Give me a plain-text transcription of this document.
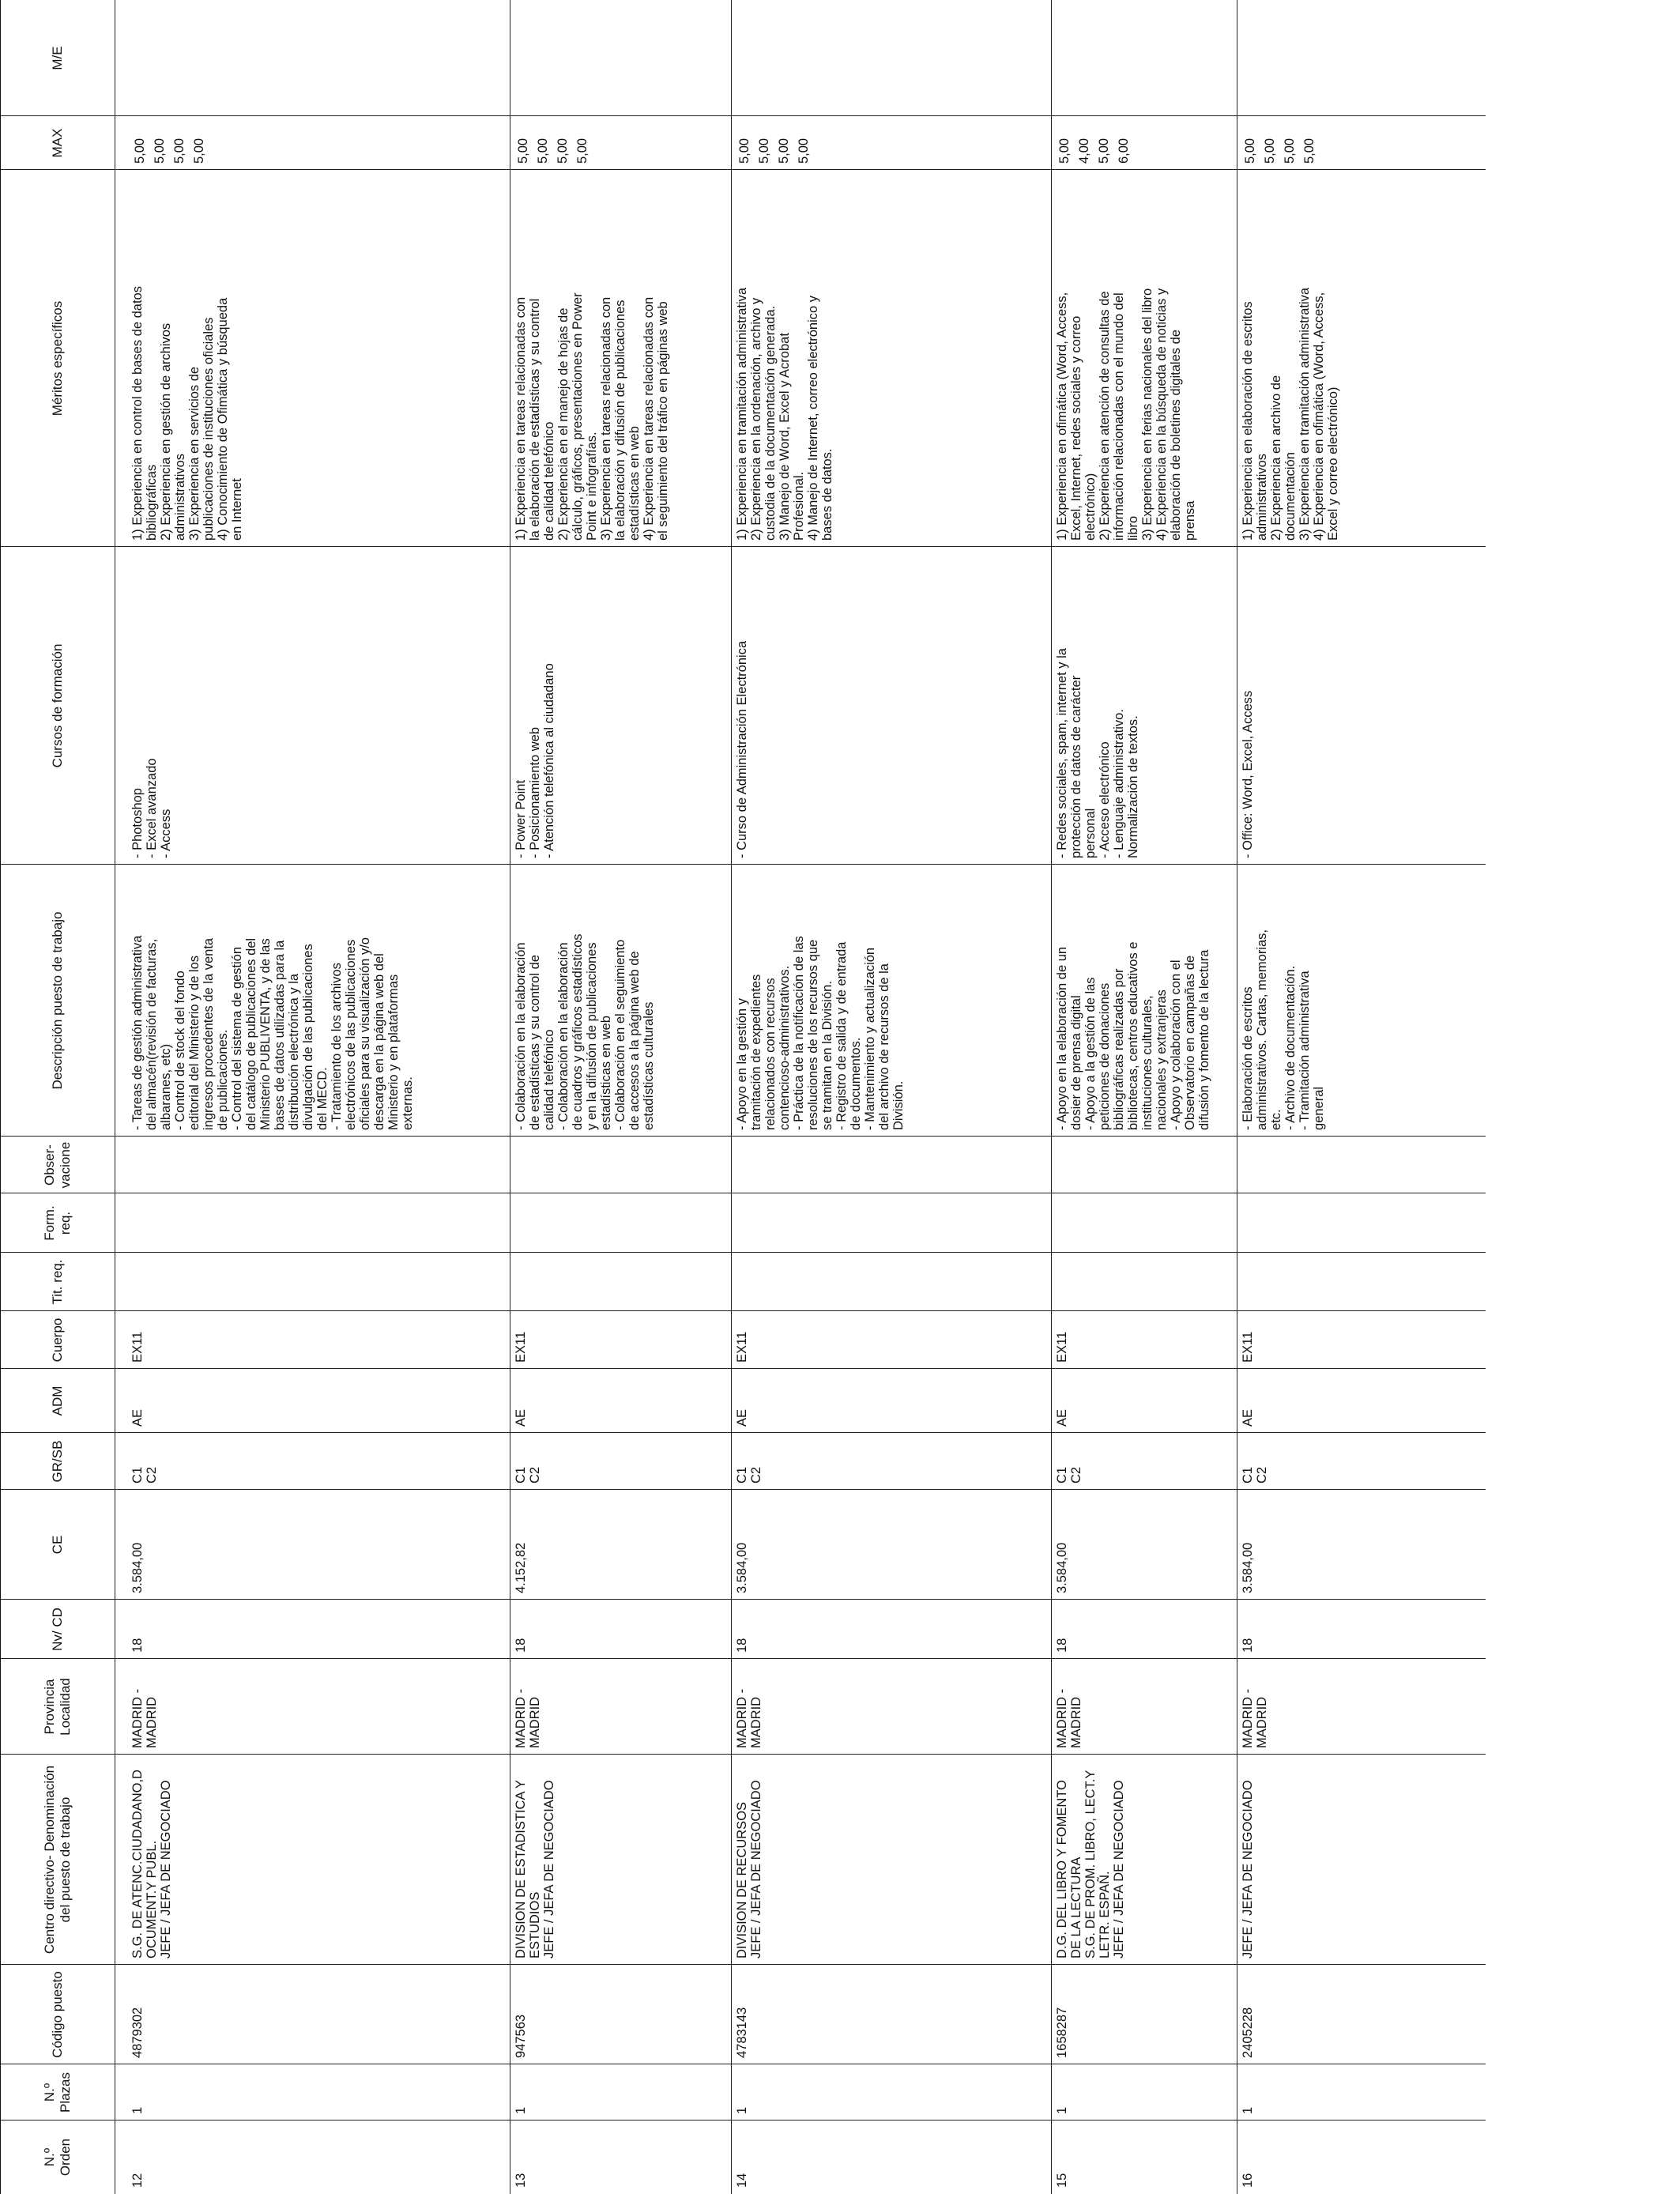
N.º
Orden
N.º
Plazas
Código puesto
Centro directivo- Denominación
del puesto de trabajo
Provincia
Localidad
Nv/ CD
CE
GR/SB
ADM
Cuerpo
Tit. req.
Form.
req.
Obser-
vacione
Descripción puesto de trabajo
Cursos de formación
Méritos específicos
MAX
M/E
12
1
4879302
S.G. DE ATENC.CIUDADANO,D
OCUMENT.Y PUBL.
JEFE / JEFA DE NEGOCIADO
MADRID -
MADRID
18
3.584,00
C1
C2
AE
EX11
- Tareas de gestión administrativa
del almacén(revisión de facturas,
albaranes, etc)
- Control de stock del fondo
editorial del Ministerio y de los
ingresos procedentes de la venta
de publicaciones.
- Control del sistema de gestión
del catálogo de publicaciones del
Ministerio PUBLIVENTA, y de las
bases de datos utilizadas para la
distribución electrónica y la
divulgación de las publicaciones
del MECD.
- Tratamiento de los archivos
electrónicos de las publicaciones
oficiales para su visualización y/o
descarga en la página web del
Ministerio y en plataformas
externas.
- Photoshop
- Excel avanzado
- Access
1) Experiencia en control de bases de datos
bibliográficas
2) Experiencia en gestión de archivos
administrativos
3) Experiencia en servicios de
publicaciones de instituciones oficiales
4) Conocimiento de Ofimática y búsqueda
en Internet
5,00
5,00
5,00
5,00
13
1
947563
DIVISION DE ESTADISTICA Y
ESTUDIOS
JEFE / JEFA DE NEGOCIADO
MADRID -
MADRID
18
4.152,82
C1
C2
AE
EX11
- Colaboración en la elaboración
de estadísticas y su control de
calidad telefónico
- Colaboración en la elaboración
de cuadros y gráficos estadísticos
y en la difusión de publicaciones
estadísticas en web
- Colaboración en el seguimiento
de accesos a la página web de
estadísticas culturales
- Power Point
- Posicionamiento web
- Atención telefónica al ciudadano
1) Experiencia en tareas relacionadas con
la elaboración de estadísticas y su control
de calidad telefónico
2) Experiencia en el manejo de hojas de
cálculo, gráficos, presentaciones en Power
Point e infografías.
3) Experiencia en tareas relacionadas con
la elaboración y difusión de publicaciones
estadísticas en web
4) Experiencia en tareas relacionadas con
el seguimiento del tráfico en páginas web
5,00
5,00
5,00
5,00
14
1
4783143
DIVISION DE RECURSOS
JEFE / JEFA DE NEGOCIADO
MADRID -
MADRID
18
3.584,00
C1
C2
AE
EX11
- Apoyo en la gestión y
tramitación de expedientes
relacionados con recursos
contencioso-administrativos.
- Práctica de la notificación de las
resoluciones de los recursos que
se tramitan en la División.
- Registro de salida y de entrada
de documentos.
- Mantenimiento y actualización
del archivo de recursos de la
División.
- Curso de Administración Electrónica
1) Experiencia en tramitación administrativa
2) Experiencia en la ordenación, archivo y
custodia de la documentación generada.
3) Manejo de Word, Excel y Acrobat
Profesional.
4) Manejo de Internet, correo electrónico y
bases de datos.
5,00
5,00
5,00
5,00
15
1
1658287
D.G. DEL LIBRO Y FOMENTO
DE LA LECTURA
S.G. DE PROM. LIBRO, LECT.Y
LETR. ESPAÑ.
JEFE / JEFA DE NEGOCIADO
MADRID -
MADRID
18
3.584,00
C1
C2
AE
EX11
- Apoyo en la elaboración de un
dosier de prensa digital
- Apoyo a la gestión de las
peticiones de donaciones
bibliográficas realizadas por
bibliotecas, centros educativos e
instituciones culturales,
nacionales y extranjeras
- Apoyo y colaboración con el
Observatorio en campañas de
difusión y fomento de la lectura
- Redes sociales, spam, internet y la
protección de datos de carácter
personal
- Acceso electrónico
- Lenguaje administrativo.
Normalización de textos.
1) Experiencia en ofimática (Word, Access,
Excel, Internet, redes sociales y correo
electrónico)
2) Experiencia en atención de consultas de
información relacionadas con el mundo del
libro
3) Experiencia en ferias nacionales del libro
4) Experiencia en la búsqueda de noticias y
elaboración de boletines digitales de
prensa
5,00
4,00
5,00
6,00
16
1
2405228
JEFE / JEFA DE NEGOCIADO
MADRID -
MADRID
18
3.584,00
C1
C2
AE
EX11
- Elaboración de escritos
administrativos. Cartas, memorias,
etc.
- Archivo de documentación.
- Tramitación administrativa
general
- Office: Word, Excel, Access
1) Experiencia en elaboración de escritos
administrativos
2) Experiencia en archivo de
documentación
3) Experiencia en tramitación administrativa
4) Experiencia en ofimática (Word, Access,
Excel y correo electrónico)
5,00
5,00
5,00
5,00
